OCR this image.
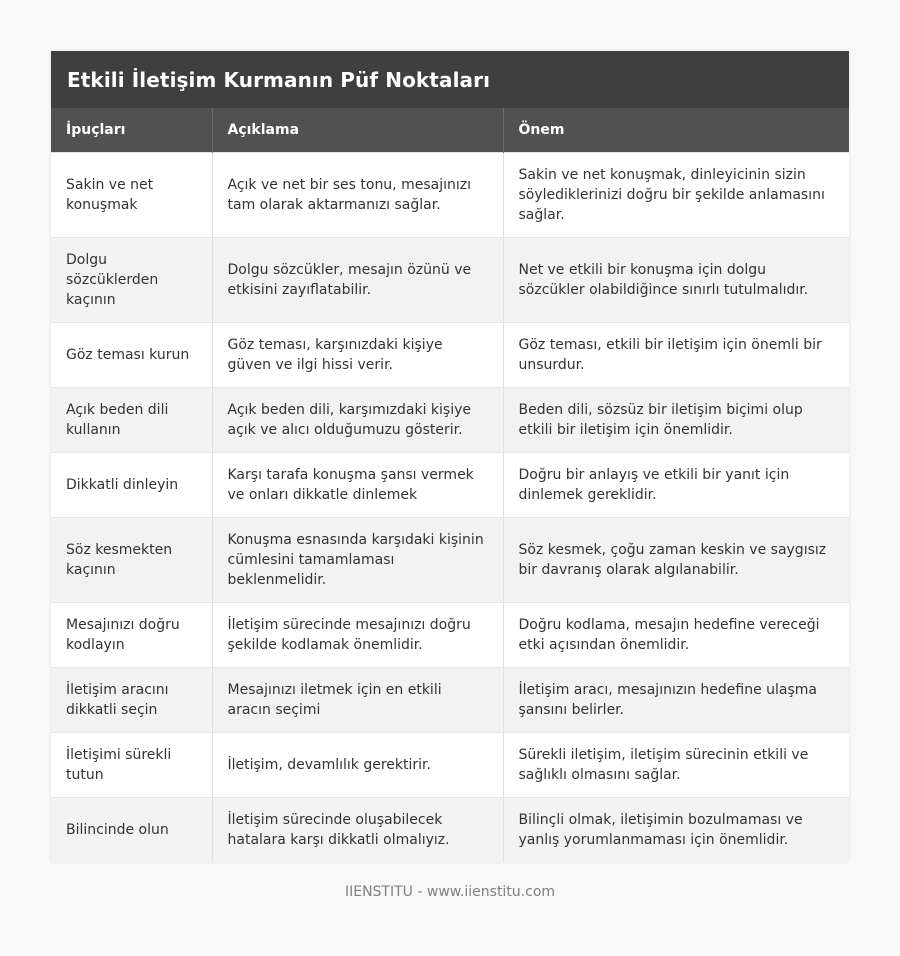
Etkili İletişim Kurmanın Püf Noktaları
İpuçları	Açıklama	Önem
Sakin ve net konuşmak	Açık ve net bir ses tonu, mesajınızı tam olarak aktarmanızı sağlar.	Sakin ve net konuşmak, dinleyicinin sizin söylediklerinizi doğru bir şekilde anlamasını sağlar.
Dolgu sözcüklerden kaçının	Dolgu sözcükler, mesajın özünü ve etkisini zayıflatabilir.	Net ve etkili bir konuşma için dolgu sözcükler olabildiğince sınırlı tutulmalıdır.
Göz teması kurun	Göz teması, karşınızdaki kişiye güven ve ilgi hissi verir.	Göz teması, etkili bir iletişim için önemli bir unsurdur.
Açık beden dili kullanın	Açık beden dili, karşımızdaki kişiye açık ve alıcı olduğumuzu gösterir.	Beden dili, sözsüz bir iletişim biçimi olup etkili bir iletişim için önemlidir.
Dikkatli dinleyin	Karşı tarafa konuşma şansı vermek ve onları dikkatle dinlemek	Doğru bir anlayış ve etkili bir yanıt için dinlemek gereklidir.
Söz kesmekten kaçının	Konuşma esnasında karşıdaki kişinin cümlesini tamamlaması beklenmelidir.	Söz kesmek, çoğu zaman keskin ve saygısız bir davranış olarak algılanabilir.
Mesajınızı doğru kodlayın	İletişim sürecinde mesajınızı doğru şekilde kodlamak önemlidir.	Doğru kodlama, mesajın hedefine vereceği etki açısından önemlidir.
İletişim aracını dikkatli seçin	Mesajınızı iletmek için en etkili aracın seçimi	İletişim aracı, mesajınızın hedefine ulaşma şansını belirler.
İletişimi sürekli tutun	İletişim, devamlılık gerektirir.	Sürekli iletişim, iletişim sürecinin etkili ve sağlıklı olmasını sağlar.
Bilincinde olun	İletişim sürecinde oluşabilecek hatalara karşı dikkatli olmalıyız.	Bilinçli olmak, iletişimin bozulmaması ve yanlış yorumlanmaması için önemlidir.
IIENSTITU - www.iienstitu.com
